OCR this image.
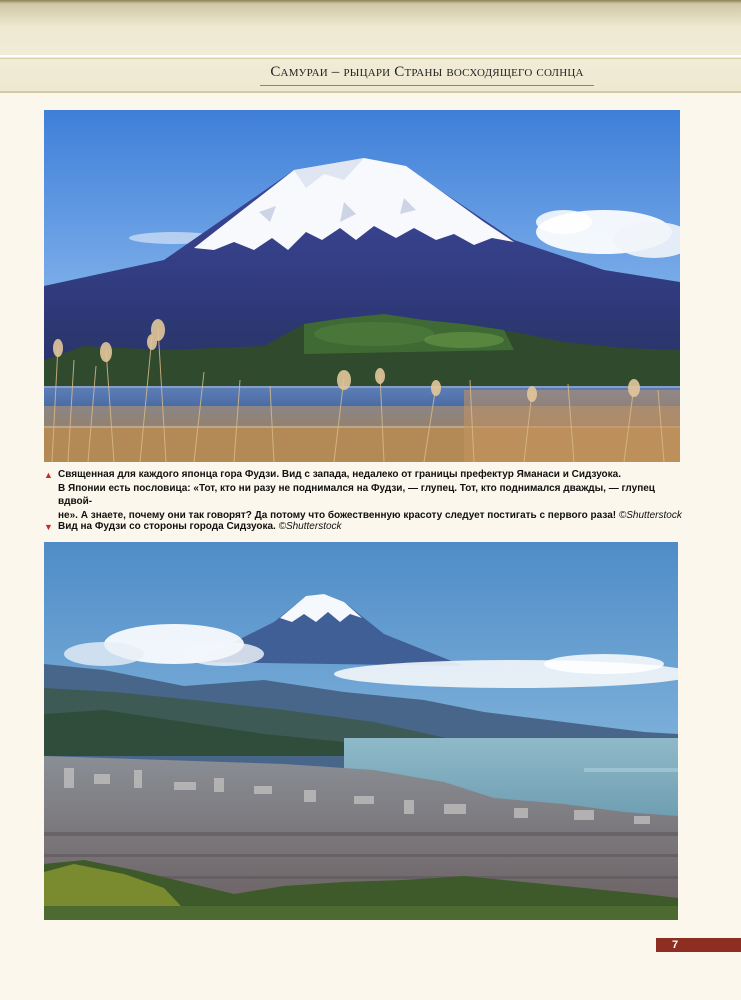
Самураи – рыцари Страны восходящего солнца
▲ Священная для каждого японца гора Фудзи. Вид с запада, недалеко от границы префектур Яманаси и Сидзуока.
В Японии есть пословица: «Тот, кто ни разу не поднимался на Фудзи, — глупец. Тот, кто поднимался дважды, — глупец вдвой-
не». А знаете, почему они так говорят? Да потому что божественную красоту следует постигать с первого раза! ©Shutterstock
▼ Вид на Фудзи со стороны города Сидзуока. ©Shutterstock
7
